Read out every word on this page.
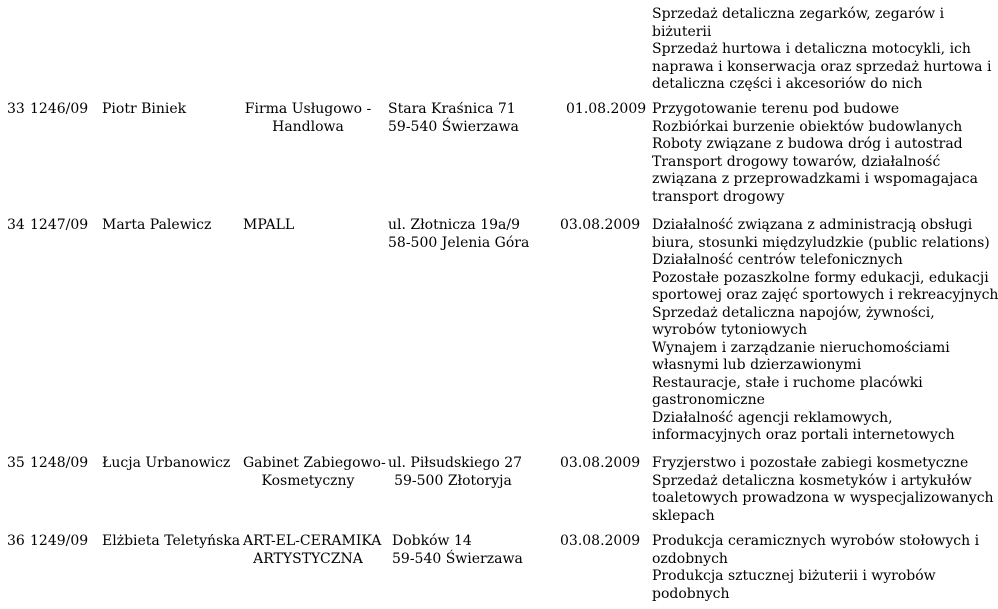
Sprzedaż detaliczna zegarków, zegarów i
biżuterii
Sprzedaż hurtowa i detaliczna motocykli, ich
naprawa i konserwacja oraz sprzedaż hurtowa i
detaliczna części i akcesoriów do nich
33 1246/09 Piotr Biniek	Firma Usługowo -
Handlowa
Stara Kraśnica 71
59-540 Świerzawa
01.08.2009 Przygotowanie terenu pod budowe
Rozbiórkai burzenie obiektów budowlanych
Roboty związane z budowa dróg i autostrad
Transport drogowy towarów, działalność
związana z przeprowadzkami i wspomagajaca
transport drogowy
34 1247/09 Marta Palewicz MPALL	ul. Złotnicza 19a/9
58-500 Jelenia Góra
03.08.2009 Działalność związana z administracją obsługi
biura, stosunki międzyludzkie (public relations)
Działalność centrów telefonicznych
Pozostałe pozaszkolne formy edukacji, edukacji
sportowej oraz zajęć sportowych i rekreacyjnych
Sprzedaż detaliczna napojów, żywności,
wyrobów tytoniowych
Wynajem i zarządzanie nieruchomościami
własnymi lub dzierzawionymi
Restauracje, stałe i ruchome placówki
gastronomiczne
Działalność agencji reklamowych,
informacyjnych oraz portali internetowych
35 1248/09 Łucja Urbanowicz Gabinet Zabiegowo-
Kosmetyczny
ul. Piłsudskiego 27
59-500 Złotoryja
03.08.2009 Fryzjerstwo i pozostałe zabiegi kosmetyczne
Sprzedaż detaliczna kosmetyków i artykułów
toaletowych prowadzona w wyspecjalizowanych
sklepach
36 1249/09 Elżbieta Teletyńska ART-EL-CERAMIKA
ARTYSTYCZNA
Dobków 14
59-540 Świerzawa
03.08.2009 Produkcja ceramicznych wyrobów stołowych i
ozdobnych
Produkcja sztucznej biżuterii i wyrobów
podobnych
